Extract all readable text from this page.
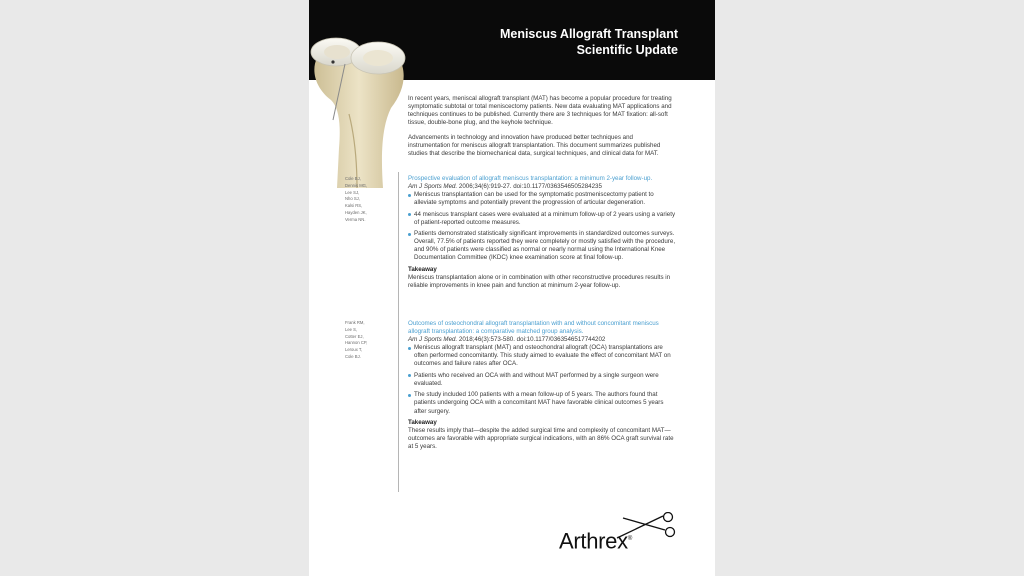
Meniscus Allograft Transplant
Scientific Update

In recent years, meniscal allograft transplant (MAT) has become a popular procedure for treating symptomatic subtotal or total meniscectomy patients. New data evaluating MAT applications and techniques continues to be published. Currently there are 3 techniques for MAT fixation: all-soft tissue, double-bone plug, and the keyhole technique.

Advancements in technology and innovation have produced better techniques and instrumentation for meniscus allograft transplantation. This document summarizes published studies that describe the biomechanical data, surgical techniques, and clinical data for MAT.

Cole BJ,
Dennis MG,
Lee SJ,
Nho SJ,
Kalsi RS,
Hayden JK,
Verma NN.

Prospective evaluation of allograft meniscus transplantation: a minimum 2-year follow-up.

Am J Sports Med. 2006;34(6):919-27. doi:10.1177/0363546505284235

Meniscus transplantation can be used for the symptomatic postmeniscectomy patient to alleviate symptoms and potentially prevent the progression of articular degeneration.
44 meniscus transplant cases were evaluated at a minimum follow-up of 2 years using a variety of patient-reported outcome measures.
Patients demonstrated statistically significant improvements in standardized outcomes surveys. Overall, 77.5% of patients reported they were completely or mostly satisfied with the procedure, and 90% of patients were classified as normal or nearly normal using the International Knee Documentation Committee (IKDC) knee examination score at final follow-up.

Takeaway

Meniscus transplantation alone or in combination with other reconstructive procedures results in reliable improvements in knee pain and function at minimum 2-year follow-up.

Frank RM,
Lee S,
Cotter EJ,
Hannon CP,
Leroux T,
Cole BJ.

Outcomes of osteochondral allograft transplantation with and without concomitant meniscus allograft transplantation: a comparative matched group analysis.

Am J Sports Med. 2018;46(3):573-580. doi:10.1177/0363546517744202

Meniscus allograft transplant (MAT) and osteochondral allograft (OCA) transplantations are often performed concomitantly. This study aimed to evaluate the effect of concomitant MAT on outcomes and failure rates after OCA.
Patients who received an OCA with and without MAT performed by a single surgeon were evaluated.
The study included 100 patients with a mean follow-up of 5 years. The authors found that patients undergoing OCA with a concomitant MAT have favorable clinical outcomes 5 years after surgery.

Takeaway

These results imply that—despite the added surgical time and complexity of concomitant MAT—outcomes are favorable with appropriate surgical indications, with an 86% OCA graft survival rate at 5 years.

Arthrex®
